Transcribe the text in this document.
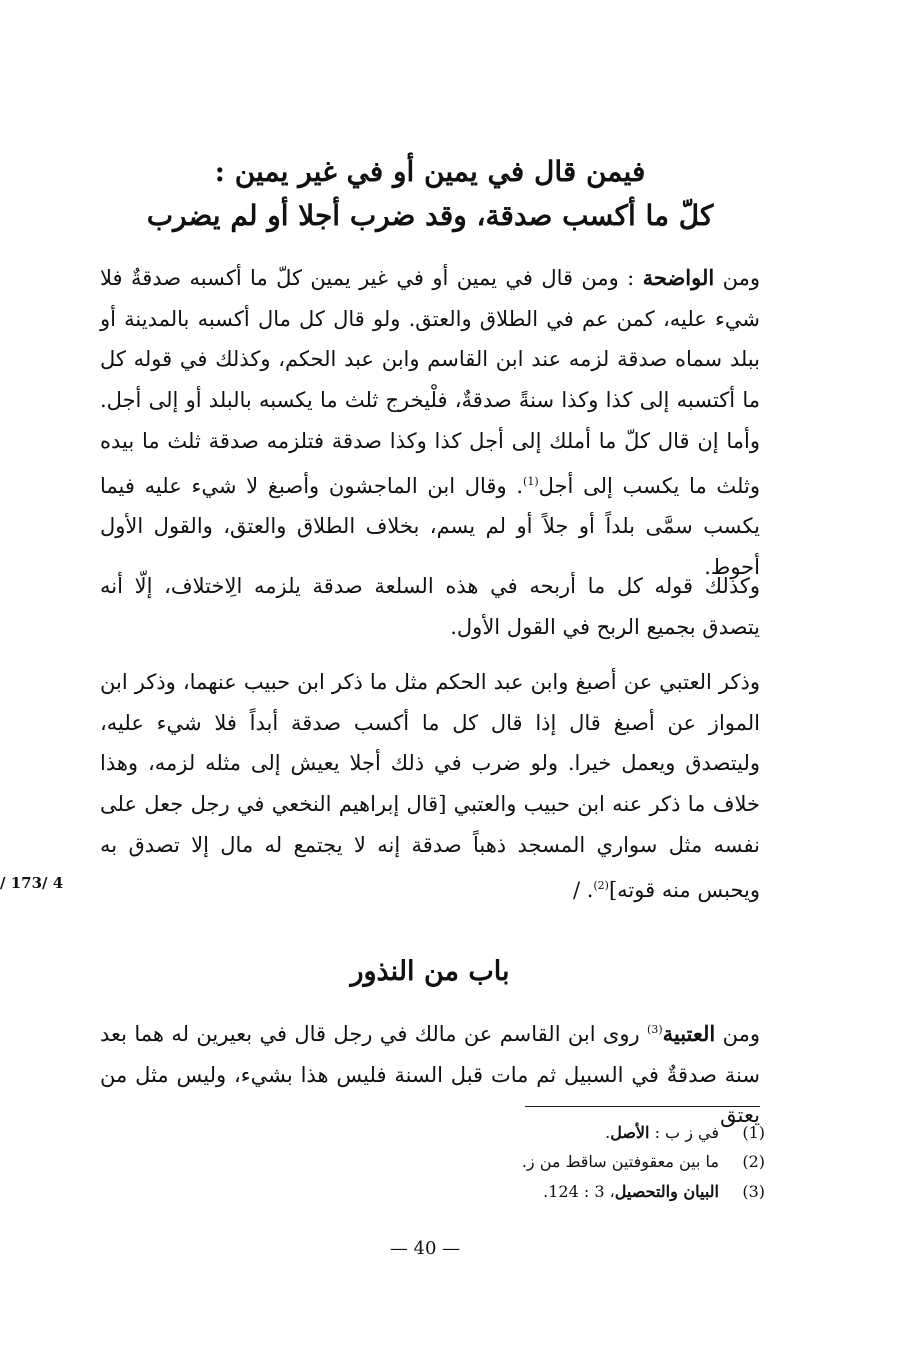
فيمن قال في يمين أو في غير يمين :
كلّ ما أكسب صدقة، وقد ضرب أجلا أو لم يضرب
ومن الواضحة : ومن قال في يمين أو في غير يمين كلّ ما أكسبه صدقةٌ فلا شيء عليه، كمن عم في الطلاق والعتق. ولو قال كل مال أكسبه بالمدينة أو ببلد سماه صدقة لزمه عند ابن القاسم وابن عبد الحكم، وكذلك في قوله كل ما أكتسبه إلى كذا وكذا سنةً صدقةٌ، فلْيخرج ثلث ما يكسبه بالبلد أو إلى أجل. وأما إن قال كلّ ما أملك إلى أجل كذا وكذا صدقة فتلزمه صدقة ثلث ما بيده وثلث ما يكسب إلى أجل$^{(1)}$. وقال ابن الماجشون وأصبغ لا شيء عليه فيما يكسب سمَّى بلداً أو جلاً أو لم يسم، بخلاف الطلاق والعتق، والقول الأول أحوط.
وكذلك قوله كل ما أربحه في هذه السلعة صدقة يلزمه الِاختلاف، إلّا أنه يتصدق بجميع الربح في القول الأول.
وذكر العتبي عن أصبغ وابن عبد الحكم مثل ما ذكر ابن حبيب عنهما، وذكر ابن المواز عن أصبغ قال إذا قال كل ما أكسب صدقة أبداً فلا شيء عليه، وليتصدق ويعمل خيرا. ولو ضرب في ذلك أجلا يعيش إلى مثله لزمه، وهذا خلاف ما ذكر عنه ابن حبيب والعتبي [قال إبراهيم النخعي في رجل جعل على نفسه مثل سواري المسجد ذهباً صدقة إنه لا يجتمع له مال إلا تصدق به ويحبس منه قوته]$^{(2)}$. /
/ 173/ 4
باب من النذور
ومن العتبية$^{(3)}$ روى ابن القاسم عن مالك في رجل قال في بعيرين له هما بعد سنة صدقةٌ في السبيل ثم مات قبل السنة فليس هذا بشيء، وليس مثل من يعتق
(1)
في ز ب : الأصل.
(2)
ما بين معقوفتين ساقط من ز.
(3)
البيان والتحصيل، 3 : 124.
— 40 —
